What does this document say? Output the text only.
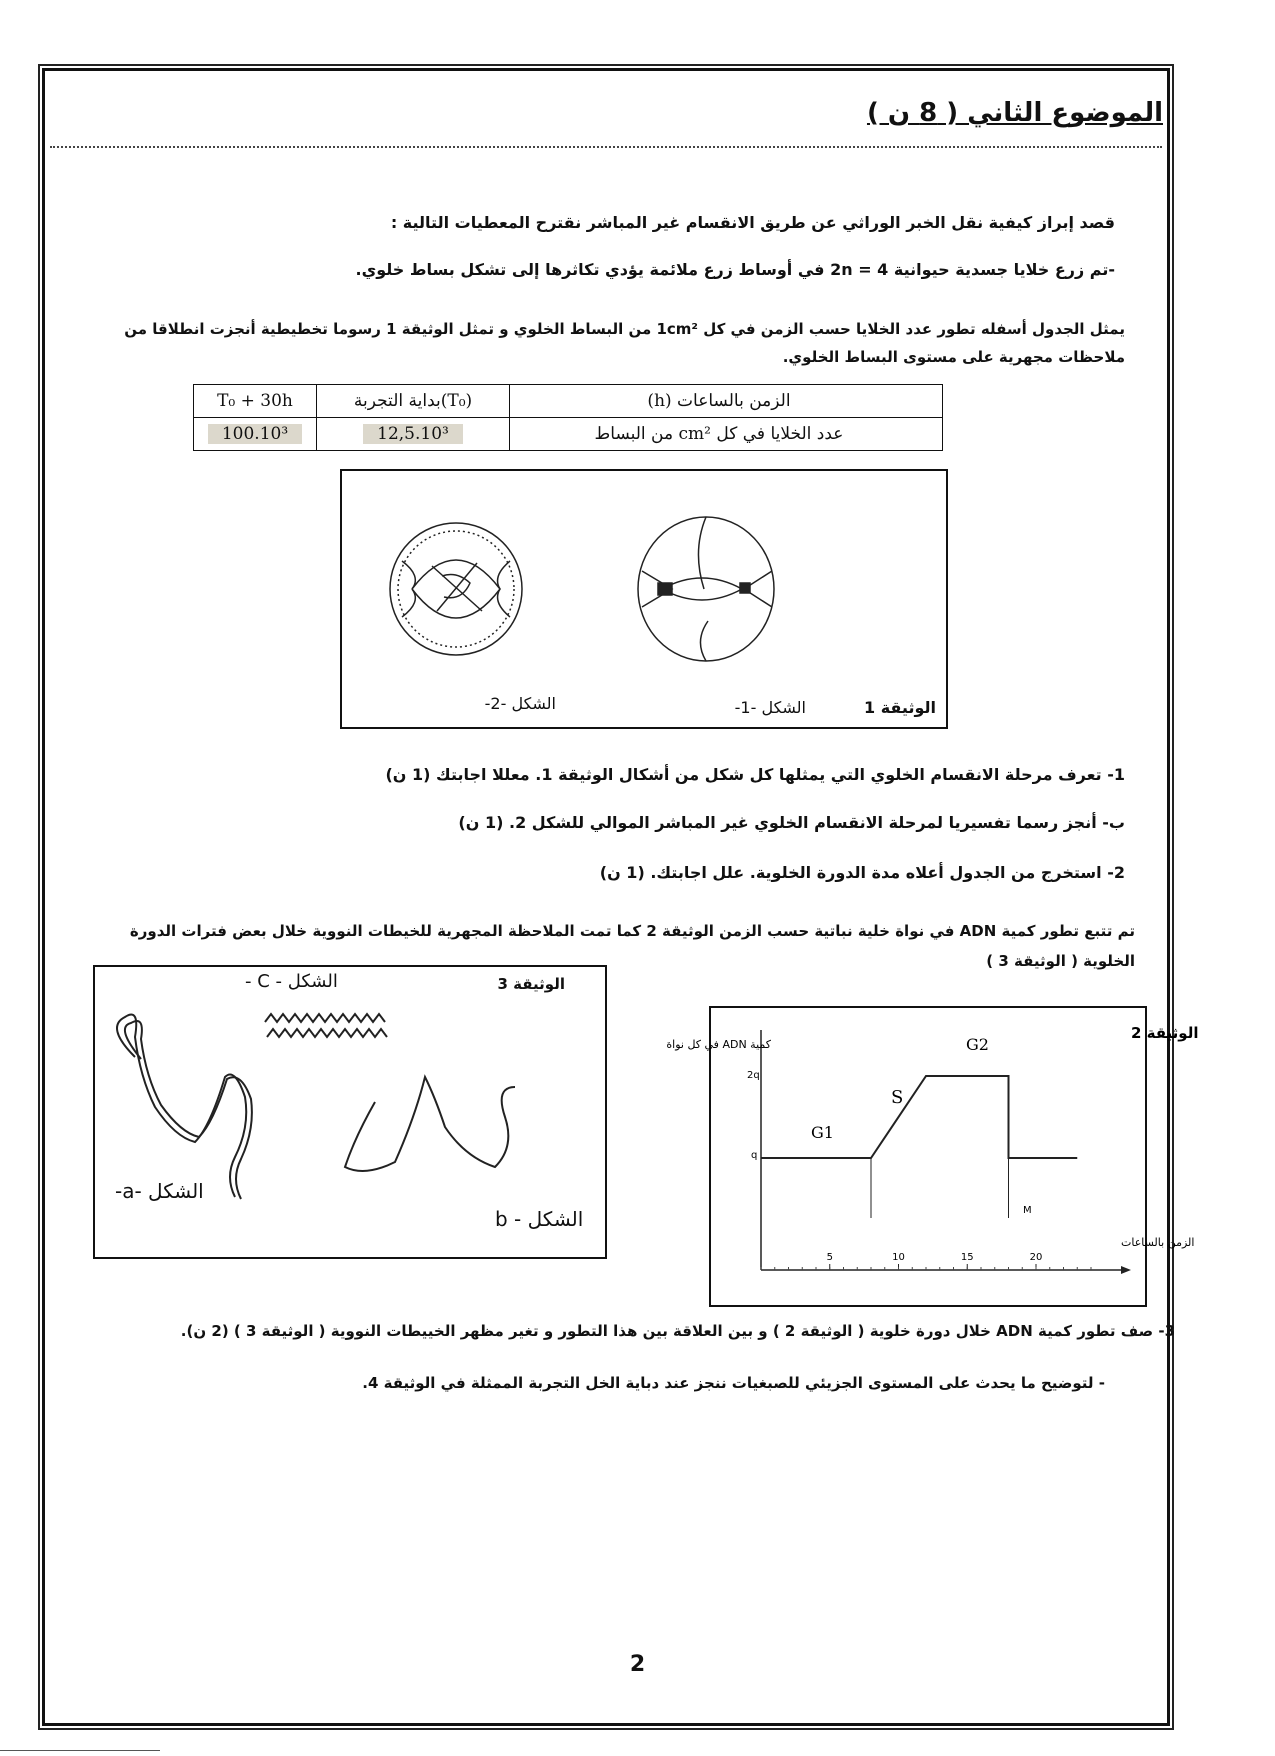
الموضوع الثاني ( 8 ن )
قصد إبراز كيفية نقل الخبر الوراثي عن طريق الانقسام غير المباشر نقترح المعطيات التالية :
-تم زرع خلايا جسدية حيوانية 4 = 2n في أوساط زرع ملائمة يؤدي تكاثرها إلى تشكل بساط خلوي.
يمثل الجدول أسفله تطور عدد الخلايا حسب الزمن في كل 1cm² من البساط الخلوي و تمثل الوثيقة 1 رسوما تخطيطية أنجزت انطلاقا من
ملاحظات مجهرية على مستوى البساط الخلوي.
T₀ + 30h	بداية التجربة(T₀)	الزمن بالساعات (h)
100.10³	12,5.10³	عدد الخلايا في كل cm² من البساط
الوثيقة 1
الشكل -1-
الشكل -2-
1- تعرف مرحلة الانقسام الخلوي التي يمثلها كل شكل من أشكال الوثيقة 1. معللا اجابتك (1 ن)
ب- أنجز رسما تفسيريا لمرحلة الانقسام الخلوي غير المباشر الموالي للشكل 2. (1 ن)
2- استخرج من الجدول أعلاه مدة الدورة الخلوية. علل اجابتك. (1 ن)
تم تتبع تطور كمية ADN في نواة خلية نباتية حسب الزمن الوثيقة 2 كما تمت الملاحظة المجهرية للخيطات النووية خلال بعض فترات الدورة
الخلوية ( الوثيقة 3 )
الوثيقة 3
الشكل - C -
الشكل -a-
الشكل - b
5	10	15	20
2q
q
G1
S
G2
M
الزمن بالساعات
كمية ADN في كل نواة
الوثيقة 2
3- صف تطور كمية ADN خلال دورة خلوية ( الوثيقة 2 ) و بين العلاقة بين هذا التطور و تغير مظهر الخييطات النووية ( الوثيقة 3 ) (2 ن).
- لتوضيح ما يحدث على المستوى الجزيئي للصبغيات ننجز عند دباية الخل التجربة الممثلة في الوثيقة 4.
2
